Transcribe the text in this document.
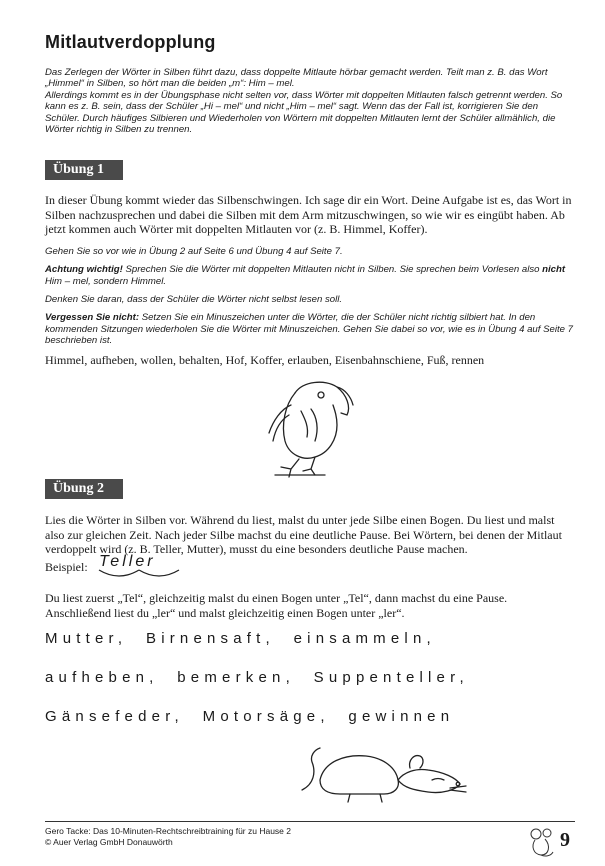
Mitlautverdopplung

Das Zerlegen der Wörter in Silben führt dazu, dass doppelte Mitlaute hörbar gemacht werden. Teilt man z. B. das Wort „Himmel“ in Silben, so hört man die beiden „m“: Him – mel.

Allerdings kommt es in der Übungsphase nicht selten vor, dass Wörter mit doppelten Mitlauten falsch getrennt werden. So kann es z. B. sein, dass der Schüler „Hi – mel“ und nicht „Him – mel“ sagt. Wenn das der Fall ist, korrigieren Sie den Schüler. Durch häufiges Silbieren und Wiederholen von Wörtern mit doppelten Mitlauten lernt der Schüler allmählich, die Wörter richtig in Silben zu trennen.

Übung 1
In dieser Übung kommt wieder das Silbenschwingen. Ich sage dir ein Wort. Deine Aufgabe ist es, das Wort in Silben nachzusprechen und dabei die Silben mit dem Arm mitzuschwingen, so wie wir es eingübt haben. Ab jetzt kommen auch Wörter mit doppelten Mitlauten vor (z. B. Himmel, Koffer).
Gehen Sie so vor wie in Übung 2 auf Seite 6 und Übung 4 auf Seite 7.
Achtung wichtig! Sprechen Sie die Wörter mit doppelten Mitlauten nicht in Silben. Sie sprechen beim Vorlesen also nicht Him – mel, sondern Himmel.
Denken Sie daran, dass der Schüler die Wörter nicht selbst lesen soll.
Vergessen Sie nicht: Setzen Sie ein Minuszeichen unter die Wörter, die der Schüler nicht richtig silbiert hat. In den kommenden Sitzungen wiederholen Sie die Wörter mit Minuszeichen. Gehen Sie dabei so vor, wie es in Übung 4 auf Seite 7 beschrieben ist.
Himmel, aufheben, wollen, behalten, Hof, Koffer, erlauben, Eisenbahnschiene, Fuß, rennen
Übung 2
Lies die Wörter in Silben vor. Während du liest, malst du unter jede Silbe einen Bogen. Du liest und malst also zur gleichen Zeit. Nach jeder Silbe machst du eine deutliche Pause. Bei Wörtern, bei denen der Mitlaut verdoppelt wird (z. B. Teller, Mutter), musst du eine besonders deutliche Pause machen.
Beispiel: Teller
Du liest zuerst „Tel“, gleichzeitig malst du einen Bogen unter „Tel“, dann machst du eine Pause. Anschließend liest du „ler“ und malst gleichzeitig einen Bogen unter „ler“.
Mutter,  Birnensaft,  einsammeln,
aufheben,  bemerken,  Suppenteller,
Gänsefeder,  Motorsäge,  gewinnen
Gero Tacke: Das 10-Minuten-Rechtschreibtraining für zu Hause 2
© Auer Verlag GmbH Donauwörth	9
